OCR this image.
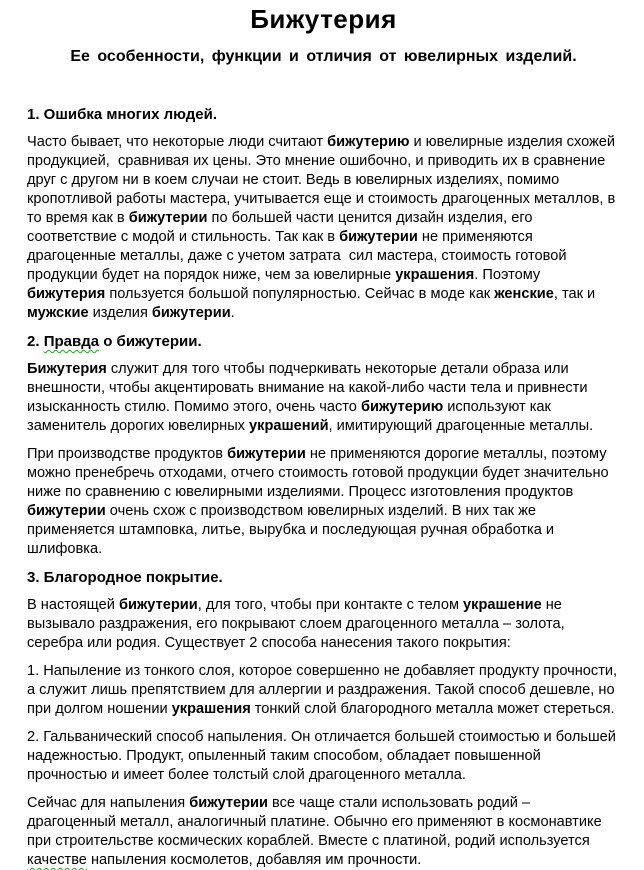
Бижутерия

Ее особенности, функции и отличия от ювелирных изделий.

1. Ошибка многих людей.

Часто бывает, что некоторые люди считают бижутерию и ювелирные изделия схожей продукцией,  сравнивая их цены. Это мнение ошибочно, и приводить их в сравнение друг с другом ни в коем случаи не стоит. Ведь в ювелирных изделиях, помимо кропотливой работы мастера, учитывается еще и стоимость драгоценных металлов, в то время как в бижутерии по большей части ценится дизайн изделия, его соответствие с модой и стильность. Так как в бижутерии не применяются драгоценные металлы, даже с учетом затрата  сил мастера, стоимость готовой продукции будет на порядок ниже, чем за ювелирные украшения. Поэтому бижутерия пользуется большой популярностью. Сейчас в моде как женские, так и мужские изделия бижутерии.

2. Правда о бижутерии.

Бижутерия служит для того чтобы подчеркивать некоторые детали образа или внешности, чтобы акцентировать внимание на какой-либо части тела и привнести изысканность стилю. Помимо этого, очень часто бижутерию используют как заменитель дорогих ювелирных украшений, имитирующий драгоценные металлы.

При производстве продуктов бижутерии не применяются дорогие металлы, поэтому можно пренебречь отходами, отчего стоимость готовой продукции будет значительно ниже по сравнению с ювелирными изделиями. Процесс изготовления продуктов бижутерии очень схож с производством ювелирных изделий. В них так же применяется штамповка, литье, вырубка и последующая ручная обработка и шлифовка.

3. Благородное покрытие.

В настоящей бижутерии, для того, чтобы при контакте с телом украшение не вызывало раздражения, его покрывают слоем драгоценного металла – золота, серебра или родия. Существует 2 способа нанесения такого покрытия:

1. Напыление из тонкого слоя, которое совершенно не добавляет продукту прочности, а служит лишь препятствием для аллергии и раздражения. Такой способ дешевле, но при долгом ношении украшения тонкий слой благородного металла может стереться.

2. Гальванический способ напыления. Он отличается большей стоимостью и большей надежностью. Продукт, опыленный таким способом, обладает повышенной прочностью и имеет более толстый слой драгоценного металла.

Сейчас для напыления бижутерии все чаще стали использовать родий – драгоценный металл, аналогичный платине. Обычно его применяют в космонавтике при строительстве космических кораблей. Вместе с платиной, родий используется качестве напыления космолетов, добавляя им прочности.
